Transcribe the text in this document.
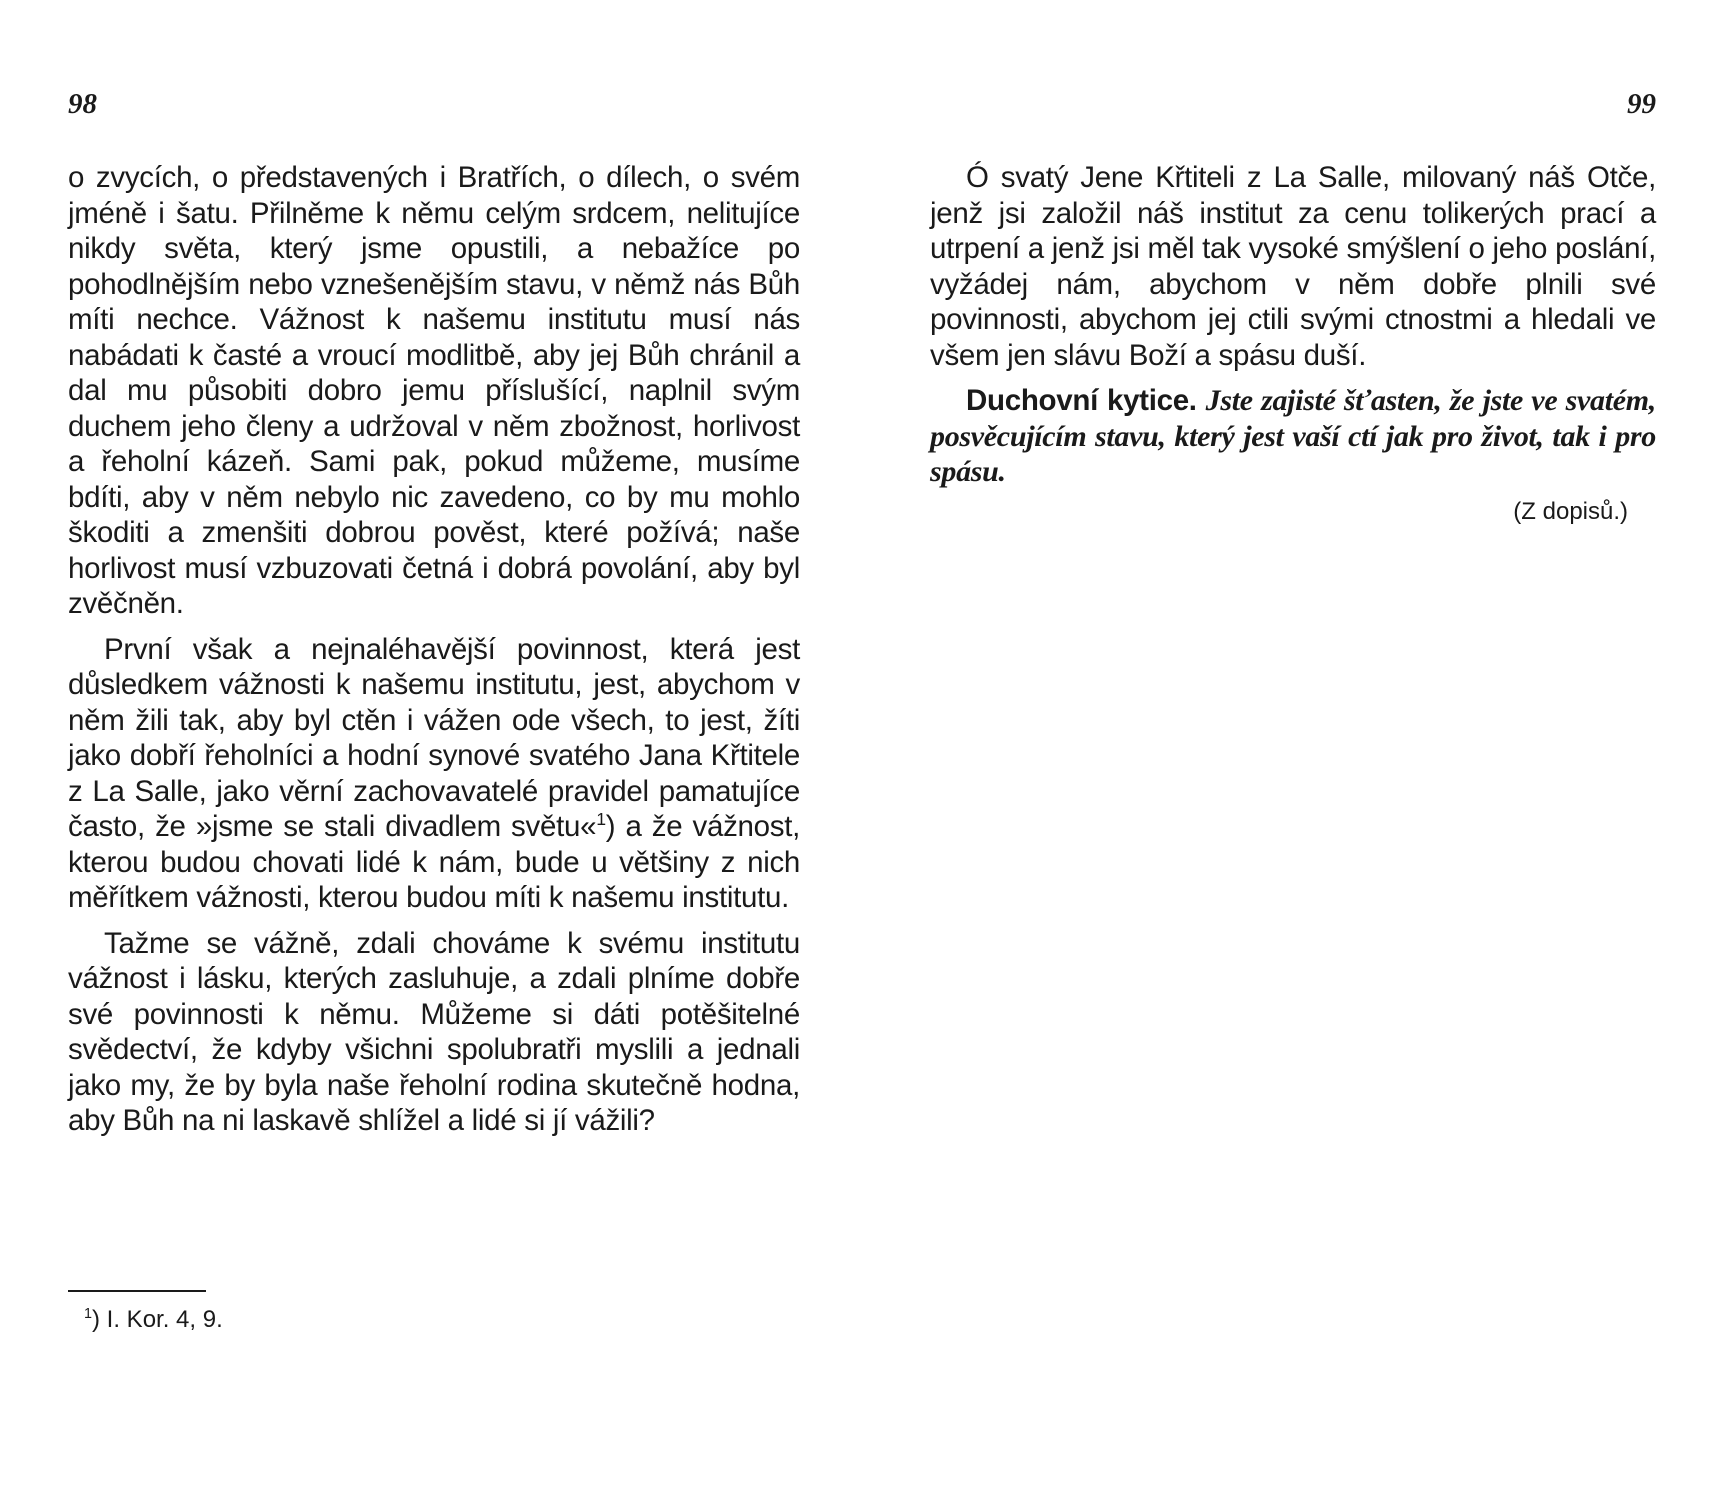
98

o zvycích, o představených i Bratřích, o dílech, o svém jméně i šatu. Přilněme k němu celým srdcem, nelitujíce nikdy světa, který jsme opustili, a nebažíce po pohodlnějším nebo vznešenějším stavu, v němž nás Bůh míti nechce. Vážnost k našemu institutu musí nás nabádati k časté a vroucí modlitbě, aby jej Bůh chránil a dal mu působiti dobro jemu příslušící, naplnil svým duchem jeho členy a udržoval v něm zbožnost, horlivost a řeholní kázeň. Sami pak, pokud můžeme, musíme bdíti, aby v něm nebylo nic zavedeno, co by mu mohlo škoditi a zmenšiti dobrou pověst, které požívá; naše horlivost musí vzbuzovati četná i dobrá povolání, aby byl zvěčněn.

První však a nejnaléhavější povinnost, která jest důsledkem vážnosti k našemu institutu, jest, abychom v něm žili tak, aby byl ctěn i vážen ode všech, to jest, žíti jako dobří řeholníci a hodní synové svatého Jana Křtitele z La Salle, jako věrní zachovavatelé pravidel pamatujíce často, že »jsme se stali divadlem světu«$^1$) a že vážnost, kterou budou chovati lidé k nám, bude u většiny z nich měřítkem vážnosti, kterou budou míti k našemu institutu.

Tažme se vážně, zdali chováme k svému institutu vážnost i lásku, kterých zasluhuje, a zdali plníme dobře své povinnosti k němu. Můžeme si dáti potěšitelné svědectví, že kdyby všichni spolubratři myslili a jednali jako my, že by byla naše řeholní rodina skutečně hodna, aby Bůh na ni laskavě shlížel a lidé si jí vážili?

$^1$) I. Kor. 4, 9.
99

Ó svatý Jene Křtiteli z La Salle, milovaný náš Otče, jenž jsi založil náš institut za cenu tolikerých prací a utrpení a jenž jsi měl tak vysoké smýšlení o jeho poslání, vyžádej nám, abychom v něm dobře plnili své povinnosti, abychom jej ctili svými ctnostmi a hledali ve všem jen slávu Boží a spásu duší.

Duchovní kytice. Jste zajisté šťasten, že jste ve svatém, posvěcujícím stavu, který jest vaší ctí jak pro život, tak i pro spásu.

(Z dopisů.)
